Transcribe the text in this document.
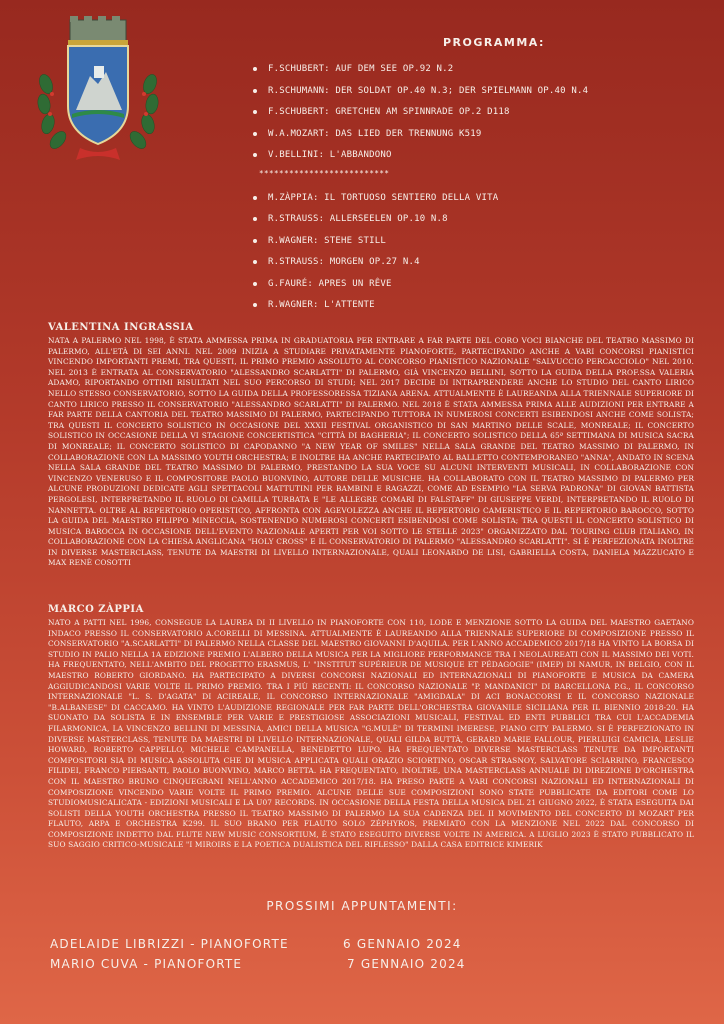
PROGRAMMA:
F.SCHUBERT: AUF DEM SEE OP.92 N.2
R.SCHUMANN: DER SOLDAT OP.40 N.3; DER SPIELMANN OP.40 N.4
F.SCHUBERT: GRETCHEN AM SPINNRADE OP.2 D118
W.A.MOZART: DAS LIED DER TRENNUNG K519
V.BELLINI: L'ABBANDONO
**************************
M.ZÀPPIA: IL TORTUOSO SENTIERO DELLA VITA
R.STRAUSS: ALLERSEELEN OP.10 N.8
R.WAGNER: STEHE STILL
R.STRAUSS: MORGEN OP.27 N.4
G.FAURÉ: APRES UN RÊVE
R.WAGNER: L'ATTENTE
VALENTINA INGRASSIA

NATA A PALERMO NEL 1998, È STATA AMMESSA PRIMA IN GRADUATORIA PER ENTRARE A FAR PARTE DEL CORO VOCI BIANCHE DEL TEATRO MASSIMO DI PALERMO, ALL'ETÀ DI SEI ANNI. NEL 2009 INIZIA A STUDIARE PRIVATAMENTE PIANOFORTE, PARTECIPANDO ANCHE A VARI CONCORSI PIANISTICI VINCENDO IMPORTANTI PREMI, TRA QUESTI, IL PRIMO PREMIO ASSOLUTO AL CONCORSO PIANISTICO NAZIONALE "SALVUCCIO PERCACCIOLO" NEL 2010. NEL 2013 È ENTRATA AL CONSERVATORIO "ALESSANDRO SCARLATTI" DI PALERMO, GIÀ VINCENZO BELLINI, SOTTO LA GUIDA DELLA PROF.SSA VALERIA ADAMO, RIPORTANDO OTTIMI RISULTATI NEL SUO PERCORSO DI STUDI; NEL 2017 DECIDE DI INTRAPRENDERE ANCHE LO STUDIO DEL CANTO LIRICO NELLO STESSO CONSERVATORIO, SOTTO LA GUIDA DELLA PROFESSORESSA TIZIANA ARENA. ATTUALMENTE È LAUREANDA ALLA TRIENNALE SUPERIORE DI CANTO LIRICO PRESSO IL CONSERVATORIO "ALESSANDRO SCARLATTI" DI PALERMO. NEL 2018 È STATA AMMESSA PRIMA ALLE AUDIZIONI PER ENTRARE A FAR PARTE DELLA CANTORIA DEL TEATRO MASSIMO DI PALERMO, PARTECIPANDO TUTTORA IN NUMEROSI CONCERTI ESIBENDOSI ANCHE COME SOLISTA; TRA QUESTI IL CONCERTO SOLISTICO IN OCCASIONE DEL XXXII FESTIVAL ORGANISTICO DI SAN MARTINO DELLE SCALE, MONREALE; IL CONCERTO SOLISTICO IN OCCASIONE DELLA VI STAGIONE CONCERTISTICA "CITTÀ DI BAGHERIA"; IL CONCERTO SOLISTICO DELLA 65ª SETTIMANA DI MUSICA SACRA DI MONREALE; IL CONCERTO SOLISTICO DI CAPODANNO "A NEW YEAR OF SMILES" NELLA SALA GRANDE DEL TEATRO MASSIMO DI PALERMO, IN COLLABORAZIONE CON LA MASSIMO YOUTH ORCHESTRA; E INOLTRE HA ANCHE PARTECIPATO AL BALLETTO CONTEMPORANEO "ANNA", ANDATO IN SCENA NELLA SALA GRANDE DEL TEATRO MASSIMO DI PALERMO, PRESTANDO LA SUA VOCE SU ALCUNI INTERVENTI MUSICALI, IN COLLABORAZIONE CON VINCENZO VENERUSO E IL COMPOSITORE PAOLO BUONVINO, AUTORE DELLE MUSICHE. HA COLLABORATO CON IL TEATRO MASSIMO DI PALERMO PER ALCUNE PRODUZIONI DEDICATE AGLI SPETTACOLI MATTUTINI PER BAMBINI E RAGAZZI, COME AD ESEMPIO "LA SERVA PADRONA" DI GIOVAN BATTISTA PERGOLESI, INTERPRETANDO IL RUOLO DI CAMILLA TURBATA E "LE ALLEGRE COMARI DI FALSTAFF" DI GIUSEPPE VERDI, INTERPRETANDO IL RUOLO DI NANNETTA. OLTRE AL REPERTORIO OPERISTICO, AFFRONTA CON AGEVOLEZZA ANCHE IL REPERTORIO CAMERISTICO E IL REPERTORIO BAROCCO, SOTTO LA GUIDA DEL MAESTRO FILIPPO MINECCIA, SOSTENENDO NUMEROSI CONCERTI ESIBENDOSI COME SOLISTA; TRA QUESTI IL CONCERTO SOLISTICO DI MUSICA BAROCCA IN OCCASIONE DELL'EVENTO NAZIONALE APERTI PER VOI SOTTO LE STELLE 2023" ORGANIZZATO DAL TOURING CLUB ITALIANO, IN COLLABORAZIONE CON LA CHIESA ANGLICANA "HOLY CROSS" E IL CONSERVATORIO DI PALERMO "ALESSANDRO SCARLATTI". SI È PERFEZIONATA INOLTRE IN DIVERSE MASTERCLASS, TENUTE DA MAESTRI DI LIVELLO INTERNAZIONALE, QUALI LEONARDO DE LISI, GABRIELLA COSTA, DANIELA MAZZUCATO E MAX RENÈ COSOTTI

MARCO ZÀPPIA

NATO A PATTI NEL 1996, CONSEGUE LA LAUREA DI II LIVELLO IN PIANOFORTE CON 110, LODE E MENZIONE SOTTO LA GUIDA DEL MAESTRO GAETANO INDACO PRESSO IL CONSERVATORIO A.CORELLI DI MESSINA. ATTUALMENTE È LAUREANDO ALLA TRIENNALE SUPERIORE DI COMPOSIZIONE PRESSO IL CONSERVATORIO "A.SCARLATTI" DI PALERMO NELLA CLASSE DEL MAESTRO GIOVANNI D'AQUILA. PER L'ANNO ACCADEMICO 2017/18 HA VINTO LA BORSA DI STUDIO IN PALIO NELLA 1A EDIZIONE PREMIO L'ALBERO DELLA MUSICA PER LA MIGLIORE PERFORMANCE TRA I NEOLAUREATI CON IL MASSIMO DEI VOTI. HA FREQUENTATO, NELL'AMBITO DEL PROGETTO ERASMUS, L' "INSTITUT SUPÉRIEUR DE MUSIQUE ET PÉDAGOGIE" (IMEP) DI NAMUR, IN BELGIO, CON IL MAESTRO ROBERTO GIORDANO. HA PARTECIPATO A DIVERSI CONCORSI NAZIONALI ED INTERNAZIONALI DI PIANOFORTE E MUSICA DA CAMERA AGGIUDICANDOSI VARIE VOLTE IL PRIMO PREMIO. TRA I PIÙ RECENTI: IL CONCORSO NAZIONALE "P. MANDANICI" DI BARCELLONA P.G., IL CONCORSO INTERNAZIONALE "L. S. D'AGATA" DI ACIREALE, IL CONCORSO INTERNAZIONALE "AMIGDALA" DI ACI BONACCORSI E IL CONCORSO NAZIONALE "B.ALBANESE" DI CACCAMO. HA VINTO L'AUDIZIONE REGIONALE PER FAR PARTE DELL'ORCHESTRA GIOVANILE SICILIANA PER IL BIENNIO 2018-20. HA SUONATO DA SOLISTA E IN ENSEMBLE PER VARIE E PRESTIGIOSE ASSOCIAZIONI MUSICALI, FESTIVAL ED ENTI PUBBLICI TRA CUI L'ACCADEMIA FILARMONICA, LA VINCENZO BELLINI DI MESSINA, AMICI DELLA MUSICA "G.MULÈ" DI TERMINI IMERESE, PIANO CITY PALERMO. SI È PERFEZIONATO IN DIVERSE MASTERCLASS, TENUTE DA MAESTRI DI LIVELLO INTERNAZIONALE, QUALI GILDA BUTTÀ, GERARD MARIE FALLOUR, PIERLUIGI CAMICIA, LESLIE HOWARD, ROBERTO CAPPELLO, MICHELE CAMPANELLA, BENEDETTO LUPO. HA FREQUENTATO DIVERSE MASTERCLASS TENUTE DA IMPORTANTI COMPOSITORI SIA DI MUSICA ASSOLUTA CHE DI MUSICA APPLICATA QUALI ORAZIO SCIORTINO, OSCAR STRASNOY, SALVATORE SCIARRINO, FRANCESCO FILIDEI, FRANCO PIERSANTI, PAOLO BUONVINO, MARCO BETTA. HA FREQUENTATO, INOLTRE, UNA MASTERCLASS ANNUALE DI DIREZIONE D'ORCHESTRA CON IL MAESTRO BRUNO CINQUEGRANI NELL'ANNO ACCADEMICO 2017/18. HA PRESO PARTE A VARI CONCORSI NAZIONALI ED INTERNAZIONALI DI COMPOSIZIONE VINCENDO VARIE VOLTE IL PRIMO PREMIO. ALCUNE DELLE SUE COMPOSIZIONI SONO STATE PUBBLICATE DA EDITORI COME LO STUDIOMUSICALICATA - EDIZIONI MUSICALI E LA U07 RECORDS. IN OCCASIONE DELLA FESTA DELLA MUSICA DEL 21 GIUGNO 2022, È STATA ESEGUITA DAI SOLISTI DELLA YOUTH ORCHESTRA PRESSO IL TEATRO MASSIMO DI PALERMO LA SUA CADENZA DEL II MOVIMENTO DEL CONCERTO DI MOZART PER FLAUTO, ARPA E ORCHESTRA K299. IL SUO BRANO PER FLAUTO SOLO ZÉPHYROS, PREMIATO CON LA MENZIONE NEL 2022 DAL CONCORSO DI COMPOSIZIONE INDETTO DAL FLUTE NEW MUSIC CONSORTIUM, È STATO ESEGUITO DIVERSE VOLTE IN AMERICA. A LUGLIO 2023 È STATO PUBBLICATO IL SUO SAGGIO CRITICO-MUSICALE "I MIROIRS E LA POETICA DUALISTICA DEL RIFLESSO" DALLA CASA EDITRICE KIMERIK

PROSSIMI APPUNTAMENTI:
ADELAIDE LIBRIZZI - PIANOFORTE	6 GENNAIO 2024
MARIO CUVA - PIANOFORTE	7 GENNAIO 2024
